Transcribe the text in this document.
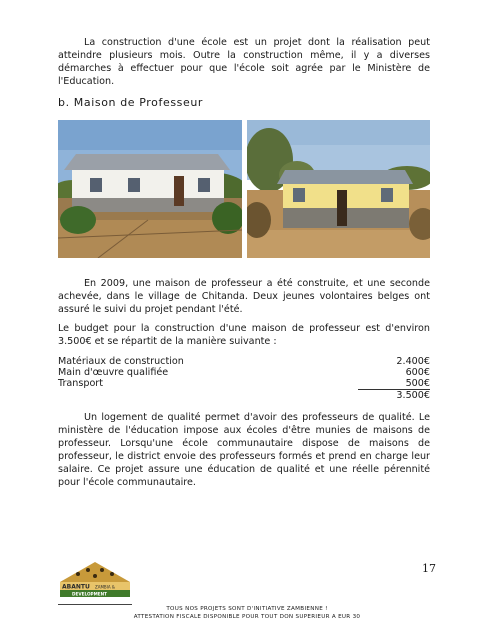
La construction d'une école est un projet dont la réalisation peut atteindre plusieurs mois. Outre la construction même, il y a diverses démarches à effectuer pour que l'école soit agrée par le Ministère de l'Education.
b. Maison de Professeur
En 2009, une maison de professeur a été construite, et une seconde achevée, dans le village de Chitanda. Deux jeunes volontaires belges ont assuré le suivi du projet pendant l'été.
Le budget pour la construction d'une maison de professeur est d'environ 3.500€ et se répartit de la manière suivante :
Matériaux de construction	2.400€
Main d'œuvre qualifiée	600€
Transport	500€
3.500€
Un logement de qualité permet d'avoir des professeurs de qualité. Le ministère de l'éducation impose aux écoles d'être munies de maisons de professeur. Lorsqu'une école communautaire dispose de maisons de professeur, le district envoie des professeurs formés et prend en charge leur salaire. Ce projet assure une éducation de qualité et une réelle pérennité pour l'école communautaire.
17
ABANTU ZAMBIA &
DEVELOPMENT
TOUS NOS PROJETS SONT D'INITIATIVE ZAMBIENNE !
ATTESTATION FISCALE DISPONIBLE POUR TOUT DON SUPERIEUR A EUR 30
